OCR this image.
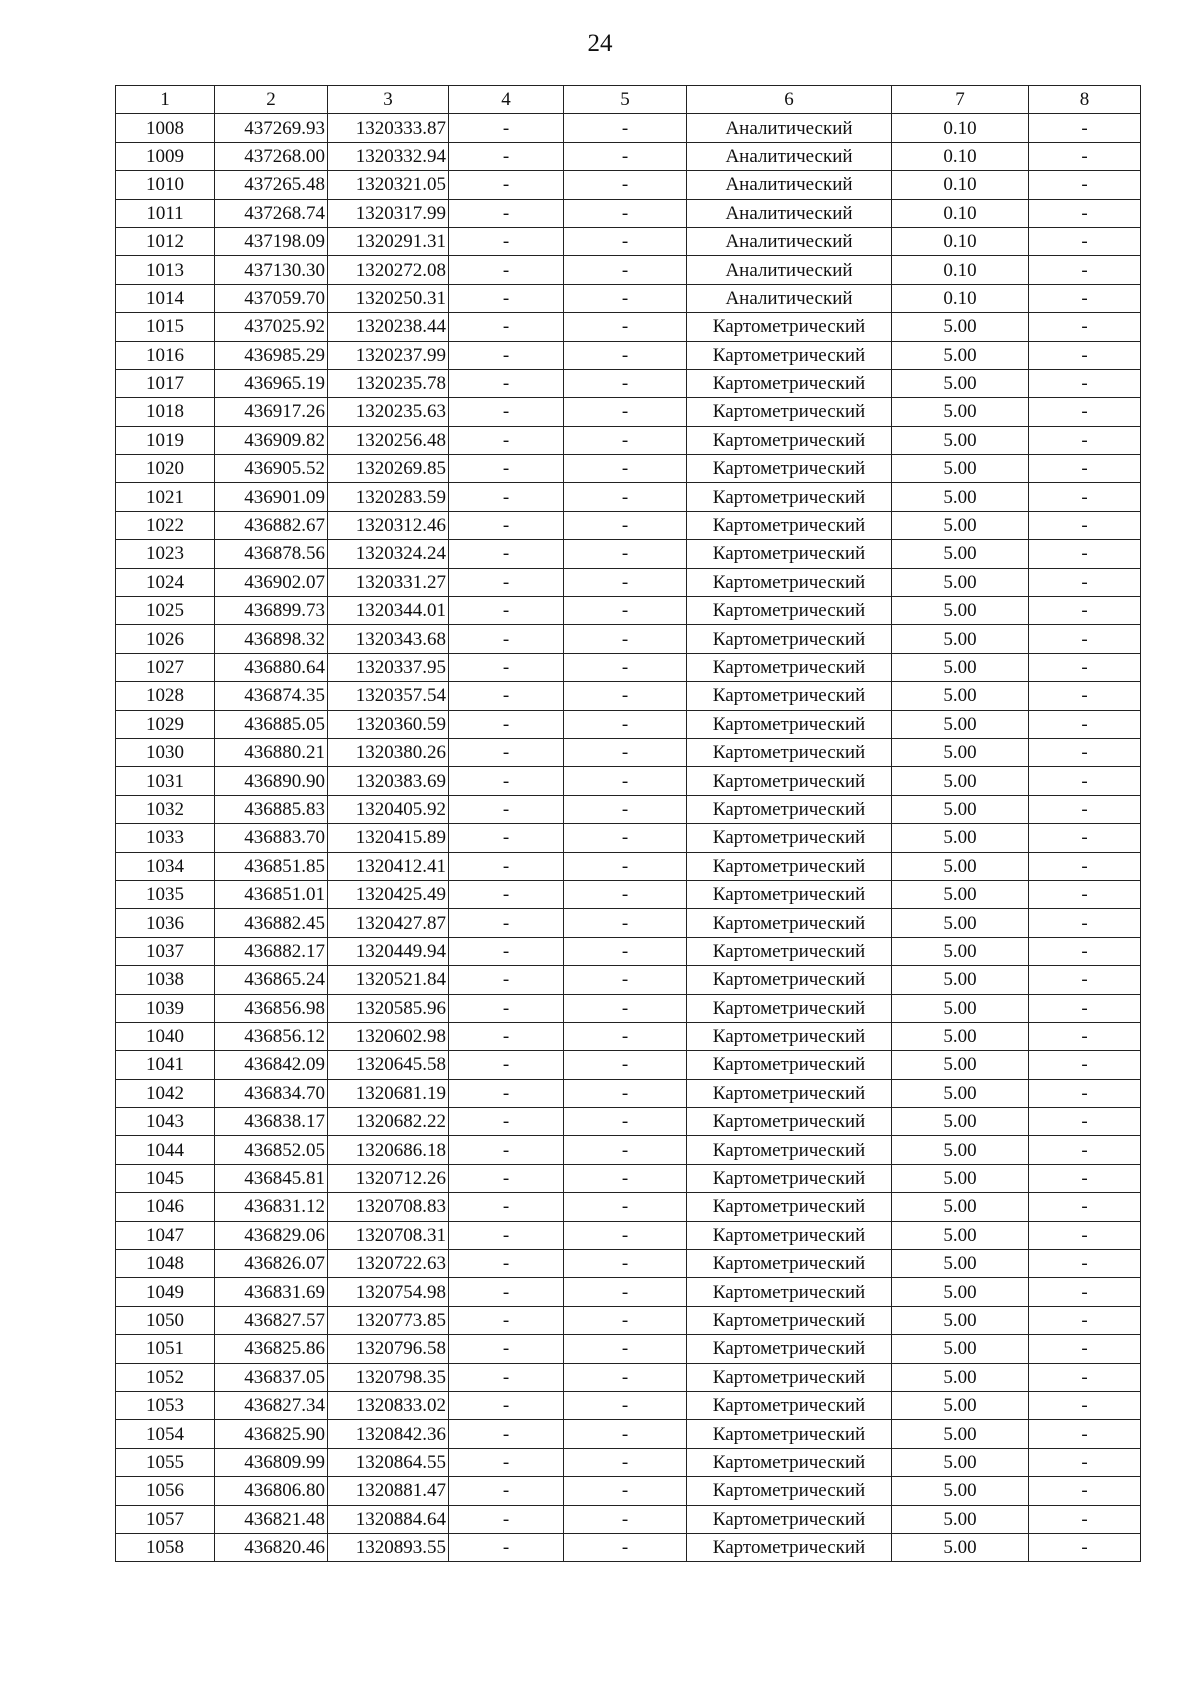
24
1	2	3	4	5	6	7	8
1008	437269.93	1320333.87	-	-	Аналитический	0.10	-
1009	437268.00	1320332.94	-	-	Аналитический	0.10	-
1010	437265.48	1320321.05	-	-	Аналитический	0.10	-
1011	437268.74	1320317.99	-	-	Аналитический	0.10	-
1012	437198.09	1320291.31	-	-	Аналитический	0.10	-
1013	437130.30	1320272.08	-	-	Аналитический	0.10	-
1014	437059.70	1320250.31	-	-	Аналитический	0.10	-
1015	437025.92	1320238.44	-	-	Картометрический	5.00	-
1016	436985.29	1320237.99	-	-	Картометрический	5.00	-
1017	436965.19	1320235.78	-	-	Картометрический	5.00	-
1018	436917.26	1320235.63	-	-	Картометрический	5.00	-
1019	436909.82	1320256.48	-	-	Картометрический	5.00	-
1020	436905.52	1320269.85	-	-	Картометрический	5.00	-
1021	436901.09	1320283.59	-	-	Картометрический	5.00	-
1022	436882.67	1320312.46	-	-	Картометрический	5.00	-
1023	436878.56	1320324.24	-	-	Картометрический	5.00	-
1024	436902.07	1320331.27	-	-	Картометрический	5.00	-
1025	436899.73	1320344.01	-	-	Картометрический	5.00	-
1026	436898.32	1320343.68	-	-	Картометрический	5.00	-
1027	436880.64	1320337.95	-	-	Картометрический	5.00	-
1028	436874.35	1320357.54	-	-	Картометрический	5.00	-
1029	436885.05	1320360.59	-	-	Картометрический	5.00	-
1030	436880.21	1320380.26	-	-	Картометрический	5.00	-
1031	436890.90	1320383.69	-	-	Картометрический	5.00	-
1032	436885.83	1320405.92	-	-	Картометрический	5.00	-
1033	436883.70	1320415.89	-	-	Картометрический	5.00	-
1034	436851.85	1320412.41	-	-	Картометрический	5.00	-
1035	436851.01	1320425.49	-	-	Картометрический	5.00	-
1036	436882.45	1320427.87	-	-	Картометрический	5.00	-
1037	436882.17	1320449.94	-	-	Картометрический	5.00	-
1038	436865.24	1320521.84	-	-	Картометрический	5.00	-
1039	436856.98	1320585.96	-	-	Картометрический	5.00	-
1040	436856.12	1320602.98	-	-	Картометрический	5.00	-
1041	436842.09	1320645.58	-	-	Картометрический	5.00	-
1042	436834.70	1320681.19	-	-	Картометрический	5.00	-
1043	436838.17	1320682.22	-	-	Картометрический	5.00	-
1044	436852.05	1320686.18	-	-	Картометрический	5.00	-
1045	436845.81	1320712.26	-	-	Картометрический	5.00	-
1046	436831.12	1320708.83	-	-	Картометрический	5.00	-
1047	436829.06	1320708.31	-	-	Картометрический	5.00	-
1048	436826.07	1320722.63	-	-	Картометрический	5.00	-
1049	436831.69	1320754.98	-	-	Картометрический	5.00	-
1050	436827.57	1320773.85	-	-	Картометрический	5.00	-
1051	436825.86	1320796.58	-	-	Картометрический	5.00	-
1052	436837.05	1320798.35	-	-	Картометрический	5.00	-
1053	436827.34	1320833.02	-	-	Картометрический	5.00	-
1054	436825.90	1320842.36	-	-	Картометрический	5.00	-
1055	436809.99	1320864.55	-	-	Картометрический	5.00	-
1056	436806.80	1320881.47	-	-	Картометрический	5.00	-
1057	436821.48	1320884.64	-	-	Картометрический	5.00	-
1058	436820.46	1320893.55	-	-	Картометрический	5.00	-
